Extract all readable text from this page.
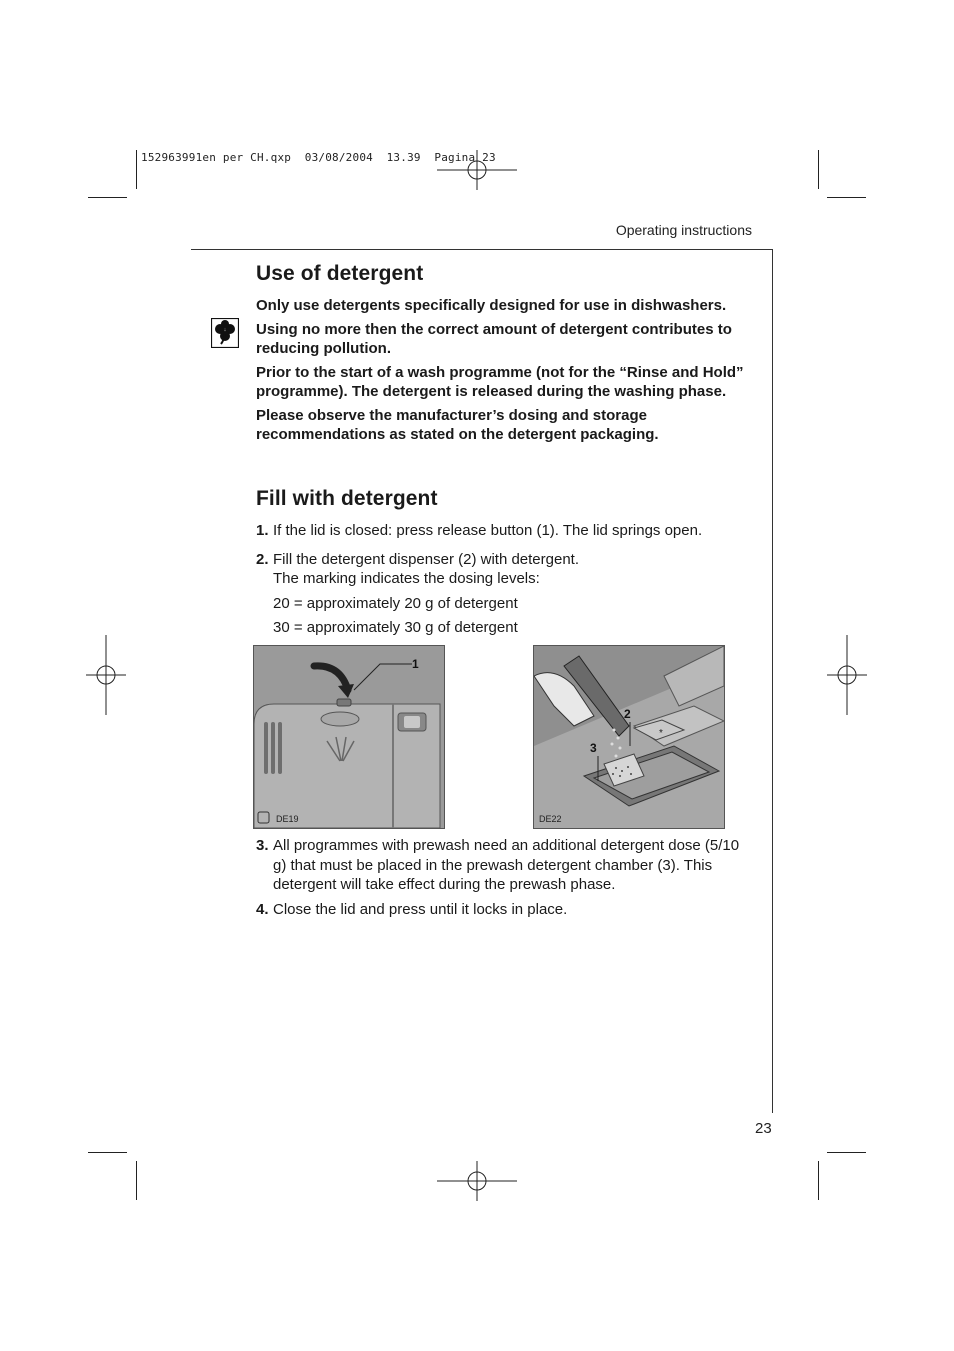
152963991en per CH.qxp  03/08/2004  13.39  Pagina 23
Operating instructions
Use of detergent

Only use detergents specifically designed for use in dishwashers.

Using no more then the correct amount of detergent contributes to reducing pollution.

Prior to the start of a wash programme (not for the “Rinse and Hold” programme). The detergent is released during the washing phase.

Please observe the manufacturer’s dosing and storage recommendations as stated on the detergent packaging.

Fill with detergent
1. If the lid is closed: press release button (1). The lid springs open.
2. Fill the detergent dispenser (2) with detergent.
The marking indicates the dosing levels:
20 = approximately 20 g of detergent
30 = approximately 30 g of detergent
1
DE19
*
2
3
DE22
3. All programmes with prewash need an additional detergent dose (5/10 g) that must be placed in the prewash detergent chamber (3). This detergent will take effect during the prewash phase.
4. Close the lid and press until it locks in place.
23
